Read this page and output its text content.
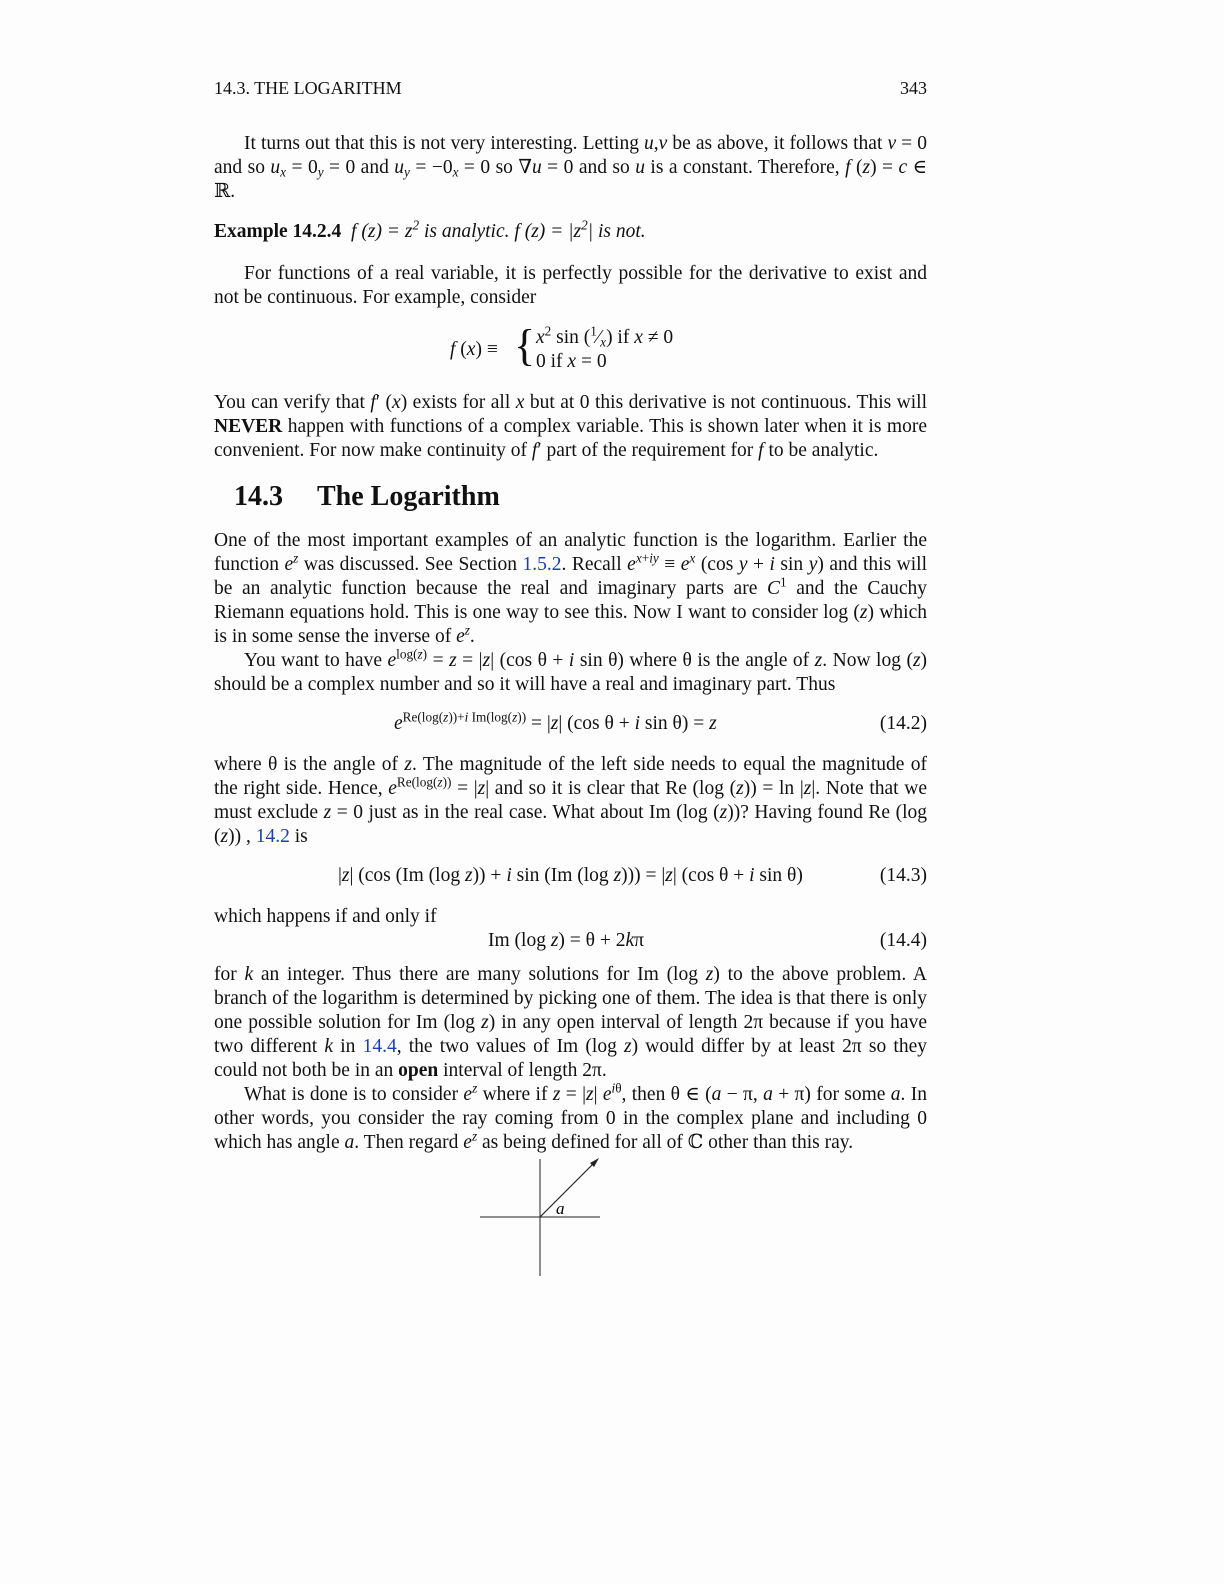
14.3. THE LOGARITHM	343

It turns out that this is not very interesting. Letting u,v be as above, it follows that v = 0 and so $u_x = 0_y = 0$ and $u_y = -0_x = 0$ so ∇u = 0 and so u is a constant. Therefore, f (z) = c ∈ ℝ.

Example 14.2.4 f $(z) = z^2$ is analytic. f $(z) = |z^2|$ is not.

For functions of a real variable, it is perfectly possible for the derivative to exist and not be continuous. For example, consider

f (x) ≡ { $x^2$ $\sin (^1⁄_x)$ if x ≠ 0
0 if x = 0

You can verify that f′ (x) exists for all x but at 0 this derivative is not continuous. This will NEVER happen with functions of a complex variable. This is shown later when it is more convenient. For now make continuity of f′ part of the requirement for f to be analytic.

14.3 The Logarithm

One of the most important examples of an analytic function is the logarithm. Earlier the function $e^z$ was discussed. See Section 1.5.2. Recall $e^{x+iy} \equiv e^x$ (cos y + i sin y) and this will be an analytic function because the real and imaginary parts are $C^1$ and the Cauchy Riemann equations hold. This is one way to see this. Now I want to consider log (z) which is in some sense the inverse of $e^z$.

You want to have $e^{log(z)} = z = |z|$ (cos θ + i sin θ) where θ is the angle of z. Now log (z) should be a complex number and so it will have a real and imaginary part. Thus

$e^{Re(log(z))+i Im(log(z))} = |z|$ (cos θ + i sin θ) = z	(14.2)

where θ is the angle of z. The magnitude of the left side needs to equal the magnitude of the right side. Hence, $e^{Re(log(z))} = |z|$ and so it is clear that Re (log (z)) = ln |z|. Note that we must exclude z = 0 just as in the real case. What about Im (log (z))? Having found Re (log (z)) , 14.2 is

|z| (cos (Im (log z)) + i sin (Im (log z))) = |z| (cos θ + i sin θ)	(14.3)

which happens if and only if

Im (log z) = θ + 2kπ	(14.4)

for k an integer. Thus there are many solutions for Im (log z) to the above problem. A branch of the logarithm is determined by picking one of them. The idea is that there is only one possible solution for Im (log z) in any open interval of length 2π because if you have two different k in 14.4, the two values of Im (log z) would differ by at least 2π so they could not both be in an open interval of length 2π.

What is done is to consider $e^z$ where if z = |z| $e^{i\theta}$, then θ ∈ (a − π, a + π) for some a. In other words, you consider the ray coming from 0 in the complex plane and including 0 which has angle a. Then regard $e^z$ as being defined for all of ℂ other than this ray.

a
